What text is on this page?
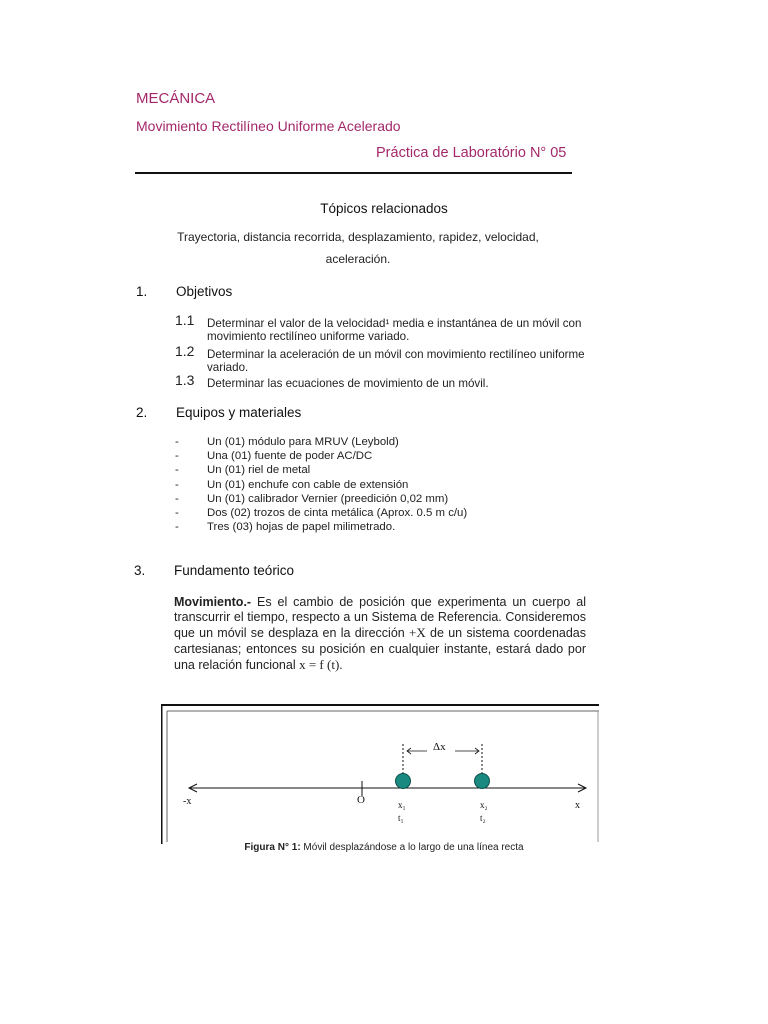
MECÁNICA
Movimiento Rectilíneo Uniforme Acelerado
Práctica de Laboratório N° 05
Tópicos relacionados
Trayectoria, distancia recorrida, desplazamiento, rapidez, velocidad, aceleración.
1. Objetivos
1.1 Determinar el valor de la velocidad¹ media e instantánea de un móvil con movimiento rectilíneo uniforme variado.
1.2 Determinar la aceleración de un móvil con movimiento rectilíneo uniforme variado.
1.3 Determinar las ecuaciones de movimiento de un móvil.
2. Equipos y materiales
- Un (01) módulo para MRUV (Leybold)
- Una (01) fuente de poder AC/DC
- Un (01) riel de metal
- Un (01) enchufe con cable de extensión
- Un (01) calibrador Vernier (preedición 0,02 mm)
- Dos (02) trozos de cinta metálica (Aprox. 0.5 m c/u)
- Tres (03) hojas de papel milimetrado.
3. Fundamento teórico
Movimiento.- Es el cambio de posición que experimenta un cuerpo al transcurrir el tiempo, respecto a un Sistema de Referencia. Consideremos que un móvil se desplaza en la dirección +X de un sistema coordenadas cartesianas; entonces su posición en cualquier instante, estará dado por una relación funcional x = f (t).
O
-x	x
Δx
x₁
t₁
x₂
t₂
Figura N° 1: Móvil desplazándose a lo largo de una línea recta
